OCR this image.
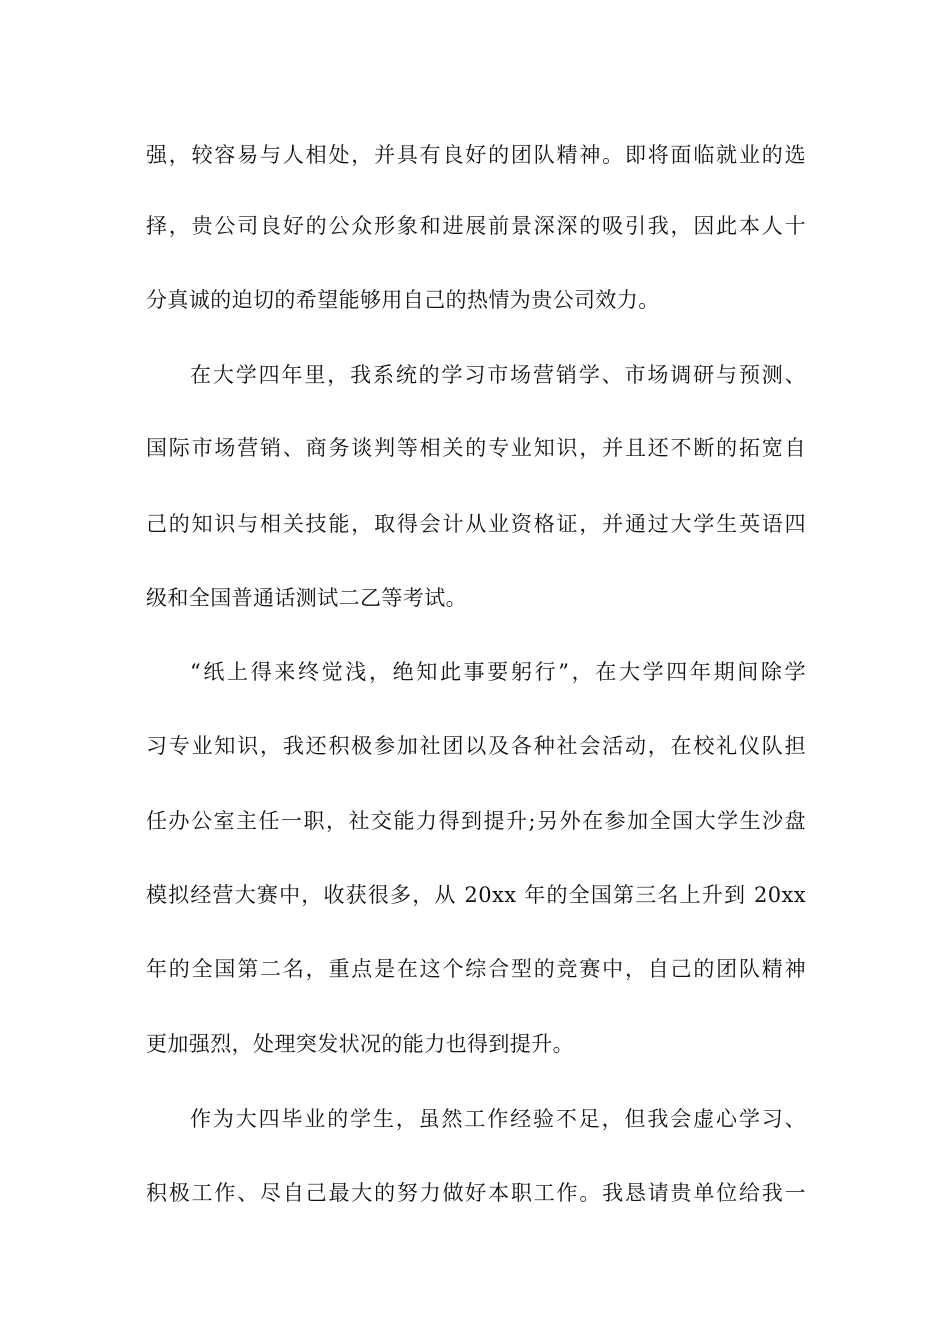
强，较容易与人相处，并具有良好的团队精神。即将面临就业的选
择，贵公司良好的公众形象和进展前景深深的吸引我，因此本人十
分真诚的迫切的希望能够用自己的热情为贵公司效力。
在大学四年里，我系统的学习市场营销学、市场调研与预测、
国际市场营销、商务谈判等相关的专业知识，并且还不断的拓宽自
己的知识与相关技能，取得会计从业资格证，并通过大学生英语四
级和全国普通话测试二乙等考试。
“纸上得来终觉浅，绝知此事要躬行”，在大学四年期间除学
习专业知识，我还积极参加社团以及各种社会活动，在校礼仪队担
任办公室主任一职，社交能力得到提升;另外在参加全国大学生沙盘
模拟经营大赛中，收获很多，从 20xx 年的全国第三名上升到 20xx
年的全国第二名，重点是在这个综合型的竞赛中，自己的团队精神
更加强烈，处理突发状况的能力也得到提升。
作为大四毕业的学生，虽然工作经验不足，但我会虚心学习、
积极工作、尽自己最大的努力做好本职工作。我恳请贵单位给我一
